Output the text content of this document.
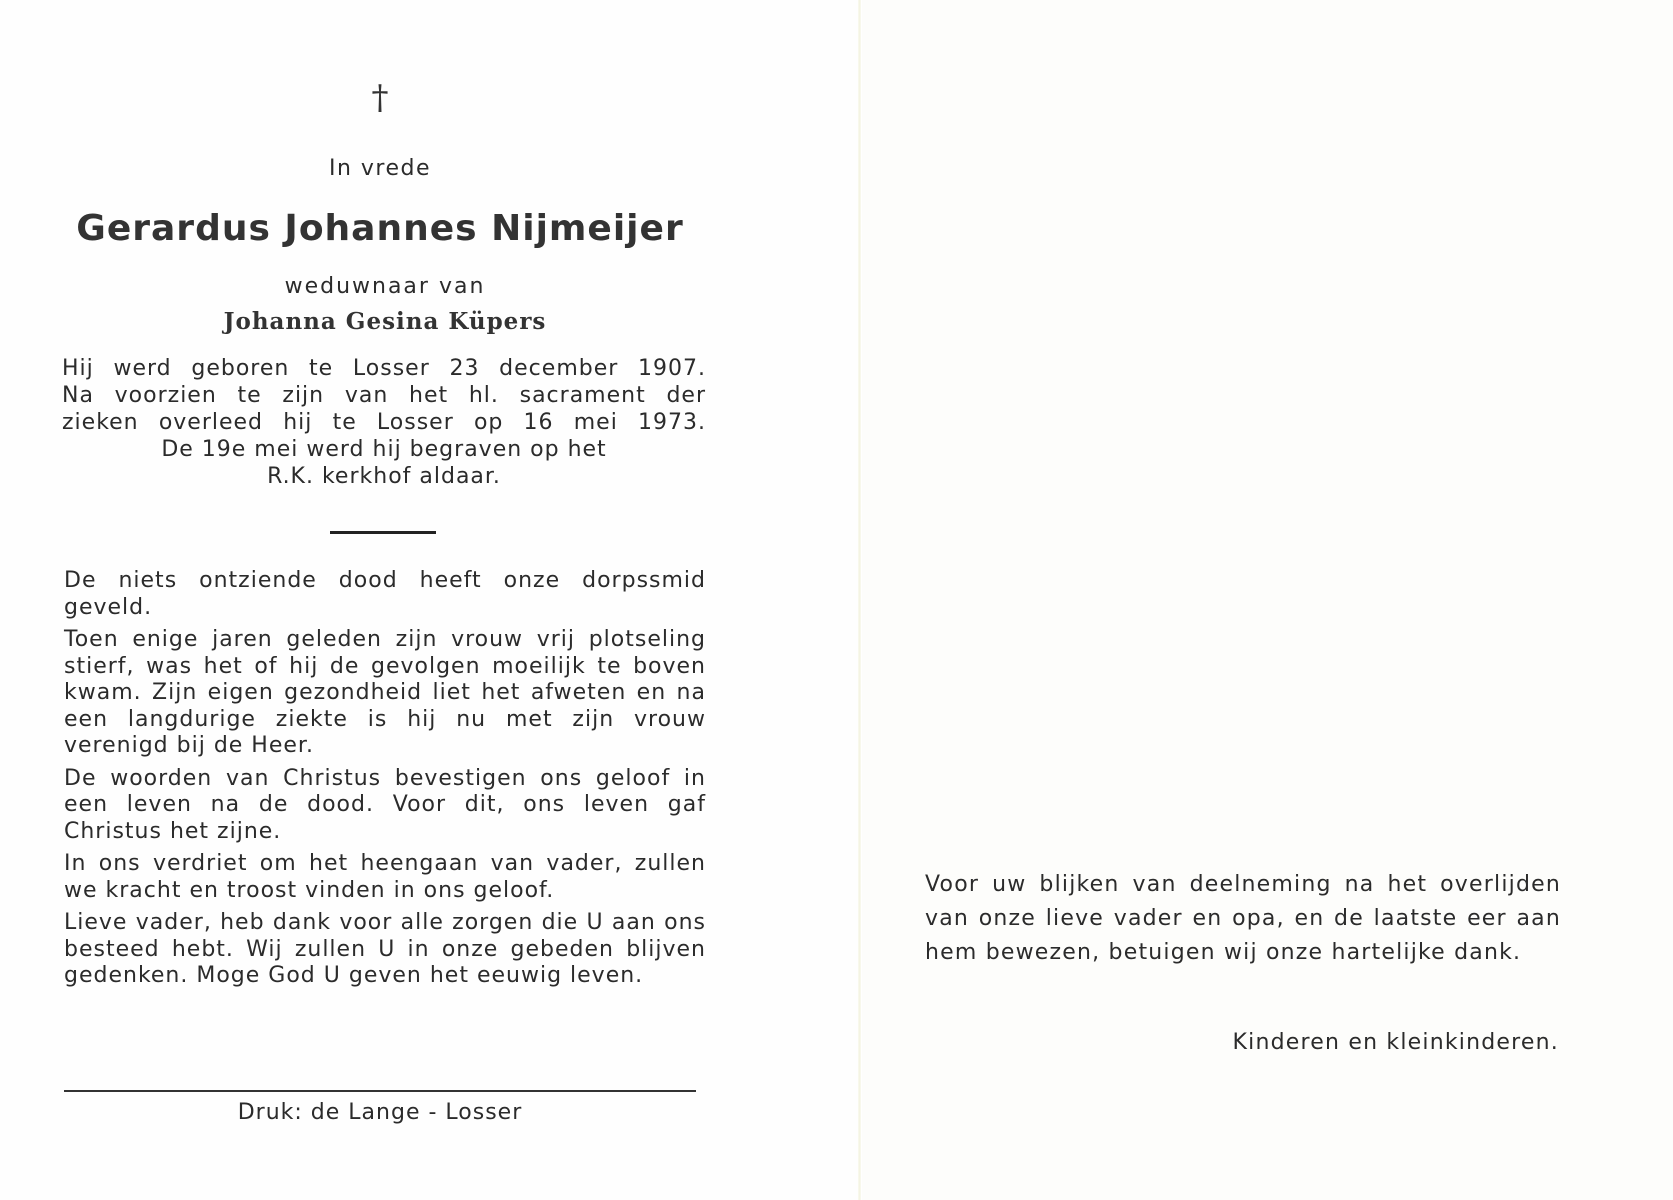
†
In vrede
Gerardus Johannes Nijmeijer
weduwnaar van
Johanna Gesina Küpers
Hij werd geboren te Losser 23 december 1907.
Na voorzien te zijn van het hl. sacrament der
zieken overleed hij te Losser op 16 mei 1973.
De 19e mei werd hij begraven op het
R.K. kerkhof aldaar.

De niets ontziende dood heeft onze dorpssmid geveld.

Toen enige jaren geleden zijn vrouw vrij plotseling stierf, was het of hij de gevolgen moeilijk te boven kwam. Zijn eigen gezondheid liet het afweten en na een langdurige ziekte is hij nu met zijn vrouw verenigd bij de Heer.

De woorden van Christus bevestigen ons geloof in een leven na de dood. Voor dit, ons leven gaf Christus het zijne.

In ons verdriet om het heengaan van vader, zullen we kracht en troost vinden in ons geloof.

Lieve vader, heb dank voor alle zorgen die U aan ons besteed hebt. Wij zullen U in onze gebeden blijven gedenken. Moge God U geven het eeuwig leven.

Druk: de Lange - Losser
Voor uw blijken van deelneming na het overlijden van onze lieve vader en opa, en de laatste eer aan hem bewezen, betuigen wij onze hartelijke dank.
Kinderen en kleinkinderen.
